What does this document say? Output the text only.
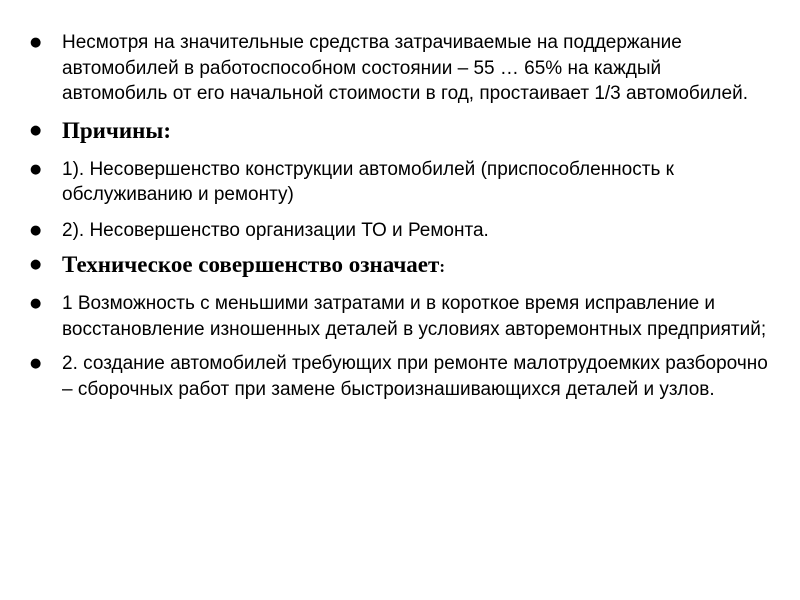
● Несмотря на значительные средства затрачиваемые на поддержание автомобилей в работоспособном состоянии – 55 … 65% на каждый автомобиль от его начальной стоимости в год, простаивает 1/3 автомобилей.
● Причины:
● 1). Несовершенство конструкции автомобилей (приспособленность к обслуживанию и ремонту)
● 2). Несовершенство организации ТО и Ремонта.
● Техническое совершенство означает:
● 1 Возможность с меньшими затратами и в короткое время исправление и восстановление изношенных деталей в условиях авторемонтных предприятий;
● 2. создание автомобилей требующих при ремонте малотрудоемких разборочно – сборочных работ при замене быстроизнашивающихся деталей и узлов.
